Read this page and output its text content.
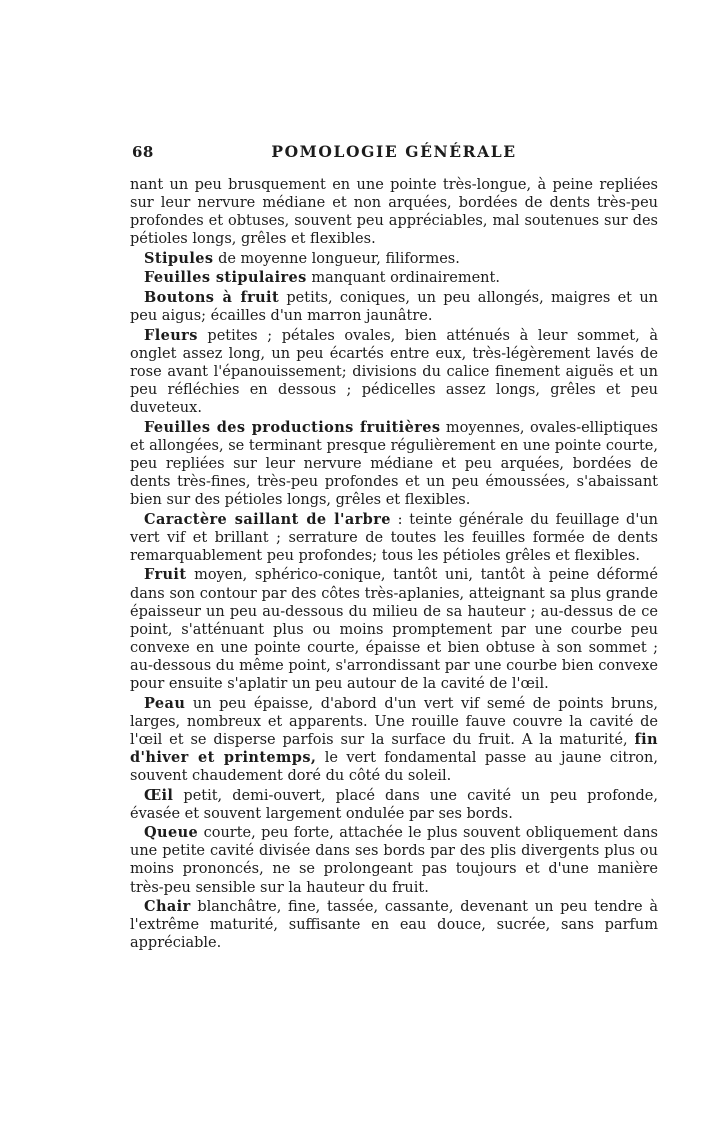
68	POMOLOGIE GÉNÉRALE

nant un peu brusquement en une pointe très-longue, à peine repliées sur leur nervure médiane et non arquées, bordées de dents très-peu profondes et obtuses, souvent peu appréciables, mal soutenues sur des pétioles longs, grêles et flexibles.

Stipules de moyenne longueur, filiformes.

Feuilles stipulaires manquant ordinairement.

Boutons à fruit petits, coniques, un peu allongés, maigres et un peu aigus; écailles d'un marron jaunâtre.

Fleurs petites ; pétales ovales, bien atténués à leur sommet, à onglet assez long, un peu écartés entre eux, très-légèrement lavés de rose avant l'épanouissement; divisions du calice finement aiguës et un peu réfléchies en dessous ; pédicelles assez longs, grêles et peu duveteux.

Feuilles des productions fruitières moyennes, ovales-elliptiques et allongées, se terminant presque régulièrement en une pointe courte, peu repliées sur leur nervure médiane et peu arquées, bordées de dents très-fines, très-peu profondes et un peu émoussées, s'abaissant bien sur des pétioles longs, grêles et flexibles.

Caractère saillant de l'arbre : teinte générale du feuillage d'un vert vif et brillant ; serrature de toutes les feuilles formée de dents remarquablement peu profondes; tous les pétioles grêles et flexibles.

Fruit moyen, sphérico-conique, tantôt uni, tantôt à peine déformé dans son contour par des côtes très-aplanies, atteignant sa plus grande épaisseur un peu au-dessous du milieu de sa hauteur ; au-dessus de ce point, s'atténuant plus ou moins promptement par une courbe peu convexe en une pointe courte, épaisse et bien obtuse à son sommet ; au-dessous du même point, s'arrondissant par une courbe bien convexe pour ensuite s'aplatir un peu autour de la cavité de l'œil.

Peau un peu épaisse, d'abord d'un vert vif semé de points bruns, larges, nombreux et apparents. Une rouille fauve couvre la cavité de l'œil et se disperse parfois sur la surface du fruit. A la maturité, fin d'hiver et printemps, le vert fondamental passe au jaune citron, souvent chaudement doré du côté du soleil.

Œil petit, demi-ouvert, placé dans une cavité un peu profonde, évasée et souvent largement ondulée par ses bords.

Queue courte, peu forte, attachée le plus souvent obliquement dans une petite cavité divisée dans ses bords par des plis divergents plus ou moins prononcés, ne se prolongeant pas toujours et d'une manière très-peu sensible sur la hauteur du fruit.

Chair blanchâtre, fine, tassée, cassante, devenant un peu tendre à l'extrême maturité, suffisante en eau douce, sucrée, sans parfum appréciable.
